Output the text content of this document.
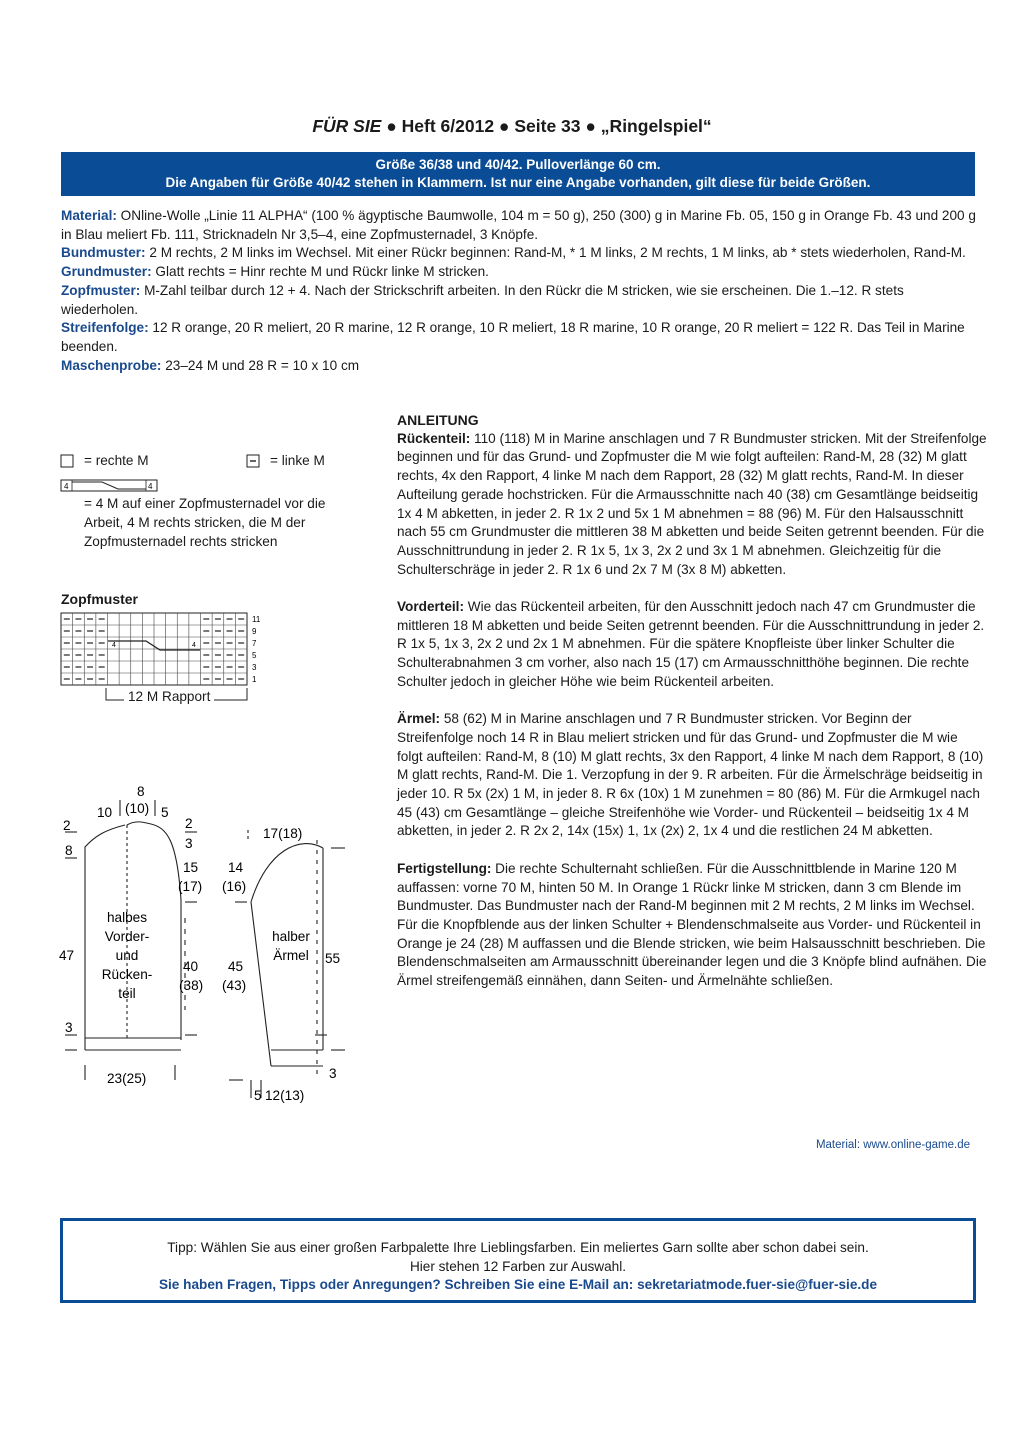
FÜR SIE ● Heft 6/2012 ● Seite 33 ● „Ringelspiel“
Größe 36/38 und 40/42. Pulloverlänge 60 cm.
Die Angaben für Größe 40/42 stehen in Klammern. Ist nur eine Angabe vorhanden, gilt diese für beide Größen.
Material: ONline-Wolle „Linie 11 ALPHA“ (100 % ägyptische Baumwolle, 104 m = 50 g), 250 (300) g in Marine Fb. 05, 150 g in Orange Fb. 43 und 200 g in Blau meliert Fb. 111, Stricknadeln Nr 3,5–4, eine Zopfmusternadel, 3 Knöpfe.
Bundmuster: 2 M rechts, 2 M links im Wechsel. Mit einer Rückr beginnen: Rand-M, * 1 M links, 2 M rechts, 1 M links, ab * stets wiederholen, Rand-M.
Grundmuster: Glatt rechts = Hinr rechte M und Rückr linke M stricken.
Zopfmuster: M-Zahl teilbar durch 12 + 4. Nach der Strickschrift arbeiten. In den Rückr die M stricken, wie sie erscheinen. Die 1.–12. R stets wiederholen.
Streifenfolge: 12 R orange, 20 R meliert, 20 R marine, 12 R orange, 10 R meliert, 18 R marine, 10 R orange, 20 R meliert = 122 R. Das Teil in Marine beenden.
Maschenprobe: 23–24 M und 28 R = 10 x 10 cm
= rechte M	= linke M
4	4
= 4 M auf einer Zopfmusternadel vor die Arbeit, 4 M rechts stricken, die M der Zopfmusternadel rechts stricken
Zopfmuster
4	4
11
9
7
5
3
1
12 M Rapport
8
(10)
10	5
2
8
2
3
15
(17)
14
(16)
47
40
(38)
45
(43)
3
23(25)
17(18)
55
3
5 12(13)
halbes
Vorder-
und
Rücken-
teil
halber
Ärmel
ANLEITUNG

Rückenteil: 110 (118) M in Marine anschlagen und 7 R Bundmuster stricken. Mit der Streifenfolge beginnen und für das Grund- und Zopfmuster die M wie folgt aufteilen: Rand-M, 28 (32) M glatt rechts, 4x den Rapport, 4 linke M nach dem Rapport, 28 (32) M glatt rechts, Rand-M. In dieser Aufteilung gerade hochstricken. Für die Armausschnitte nach 40 (38) cm Gesamtlänge beidseitig 1x 4 M abketten, in jeder 2. R 1x 2 und 5x 1 M abnehmen = 88 (96) M. Für den Halsausschnitt nach 55 cm Grundmuster die mittleren 38 M abketten und beide Seiten getrennt beenden. Für die Ausschnittrundung in jeder 2. R 1x 5, 1x 3, 2x 2 und 3x 1 M abnehmen. Gleichzeitig für die Schulterschräge in jeder 2. R 1x 6 und 2x 7 M (3x 8 M) abketten.

Vorderteil: Wie das Rückenteil arbeiten, für den Ausschnitt jedoch nach 47 cm Grundmuster die mittleren 18 M abketten und beide Seiten getrennt beenden. Für die Ausschnittrundung in jeder 2. R 1x 5, 1x 3, 2x 2 und 2x 1 M abnehmen. Für die spätere Knopfleiste über linker Schulter die Schulterabnahmen 3 cm vorher, also nach 15 (17) cm Armausschnitthöhe beginnen. Die rechte Schulter jedoch in gleicher Höhe wie beim Rückenteil arbeiten.

Ärmel: 58 (62) M in Marine anschlagen und 7 R Bundmuster stricken. Vor Beginn der Streifenfolge noch 14 R in Blau meliert stricken und für das Grund- und Zopfmuster die M wie folgt aufteilen: Rand-M, 8 (10) M glatt rechts, 3x den Rapport, 4 linke M nach dem Rapport, 8 (10) M glatt rechts, Rand-M. Die 1. Verzopfung in der 9. R arbeiten. Für die Ärmelschräge beidseitig in jeder 10. R 5x (2x) 1 M, in jeder 8. R 6x (10x) 1 M zunehmen = 80 (86) M. Für die Armkugel nach 45 (43) cm Gesamtlänge – gleiche Streifenhöhe wie Vorder- und Rückenteil – beidseitig 1x 4 M abketten, in jeder 2. R 2x 2, 14x (15x) 1, 1x (2x) 2, 1x 4 und die restlichen 24 M abketten.

Fertigstellung: Die rechte Schulternaht schließen. Für die Ausschnittblende in Marine 120 M auffassen: vorne 70 M, hinten 50 M. In Orange 1 Rückr linke M stricken, dann 3 cm Blende im Bundmuster. Das Bundmuster nach der Rand-M beginnen mit 2 M rechts, 2 M links im Wechsel. Für die Knopfblende aus der linken Schulter + Blendenschmalseite aus Vorder- und Rückenteil in Orange je 24 (28) M auffassen und die Blende stricken, wie beim Halsausschnitt beschrieben. Die Blendenschmalseiten am Armausschnitt übereinander legen und die 3 Knöpfe blind aufnähen. Die Ärmel streifengemäß einnähen, dann Seiten- und Ärmelnähte schließen.

Material: www.online-game.de
Tipp: Wählen Sie aus einer großen Farbpalette Ihre Lieblingsfarben. Ein meliertes Garn sollte aber schon dabei sein.
Hier stehen 12 Farben zur Auswahl.
Sie haben Fragen, Tipps oder Anregungen? Schreiben Sie eine E-Mail an: sekretariatmode.fuer-sie@fuer-sie.de
